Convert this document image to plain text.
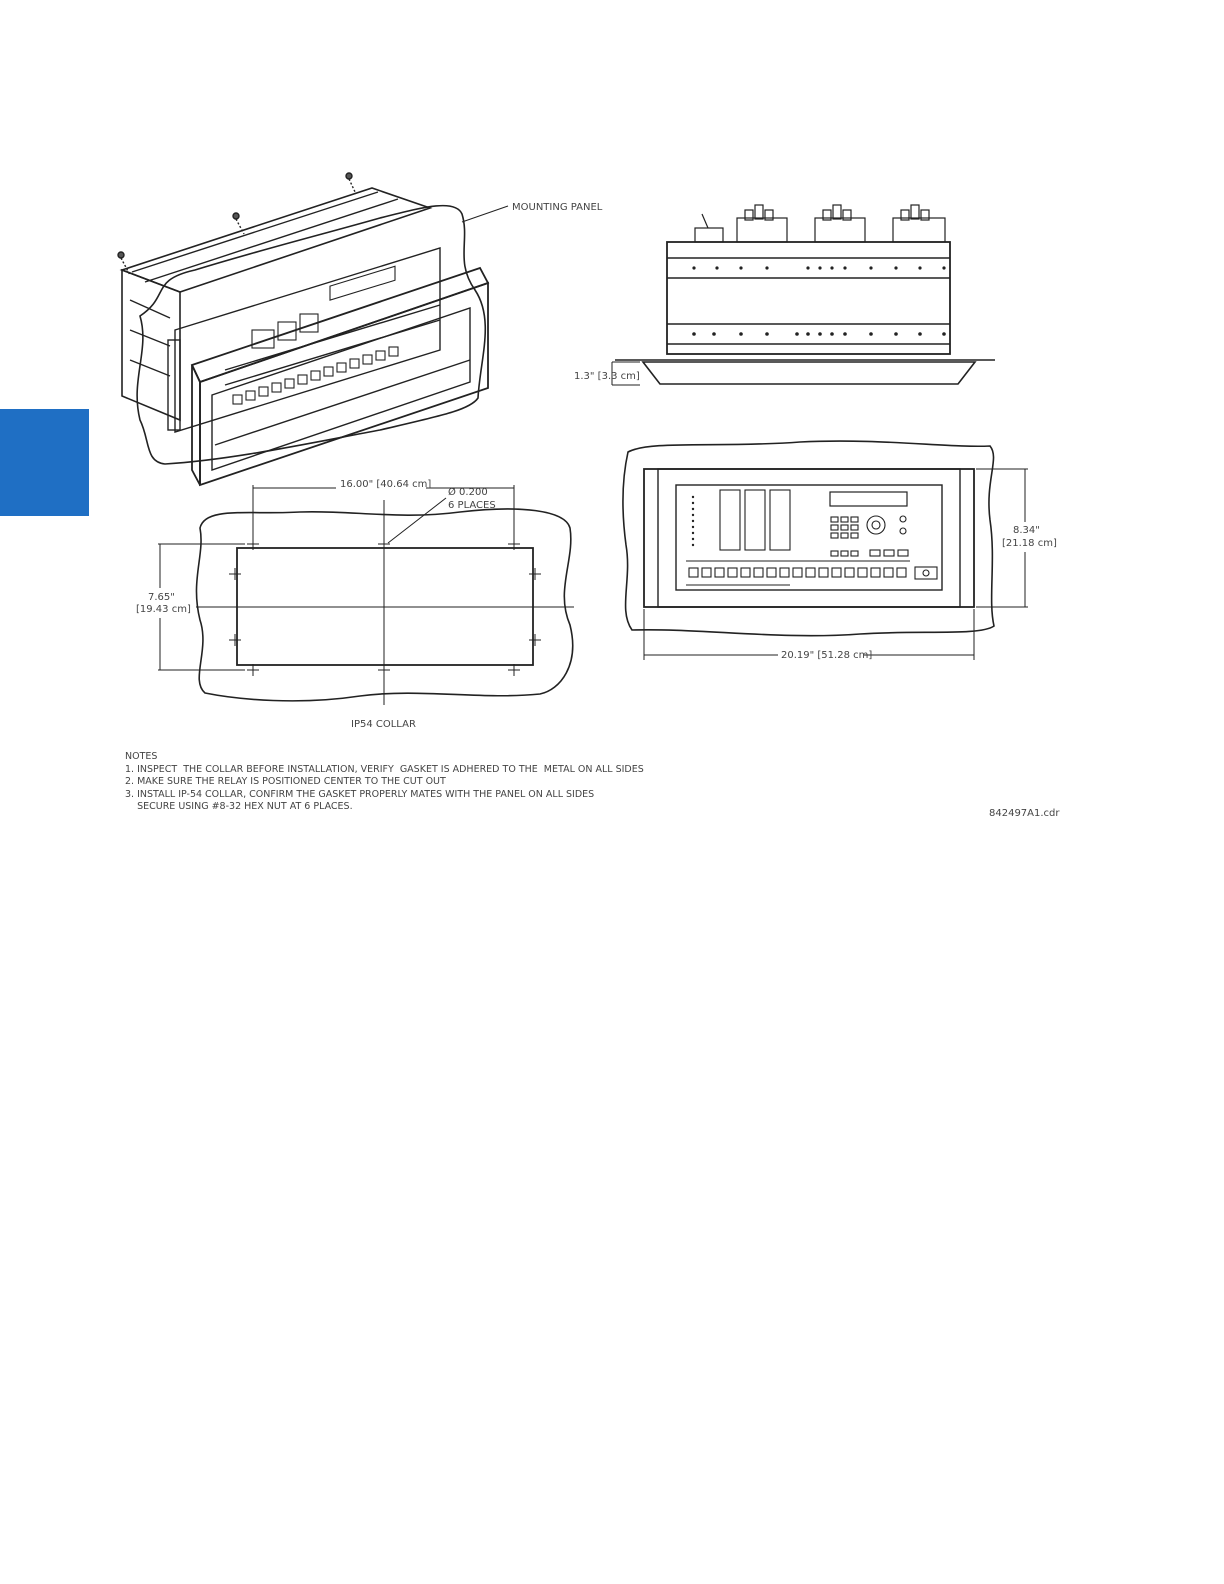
MOUNTING PANEL
1.3" [3.3 cm]
16.00" [40.64 cm]
Ø 0.200
6 PLACES
7.65"
[19.43 cm]
8.34"
[21.18 cm]
20.19" [51.28 cm]
IP54 COLLAR
NOTES
1. INSPECT  THE COLLAR BEFORE INSTALLATION, VERIFY  GASKET IS ADHERED TO THE  METAL ON ALL SIDES
2. MAKE SURE THE RELAY IS POSITIONED CENTER TO THE CUT OUT
3. INSTALL IP-54 COLLAR, CONFIRM THE GASKET PROPERLY MATES WITH THE PANEL ON ALL SIDES
SECURE USING #8-32 HEX NUT AT 6 PLACES.
842497A1.cdr
